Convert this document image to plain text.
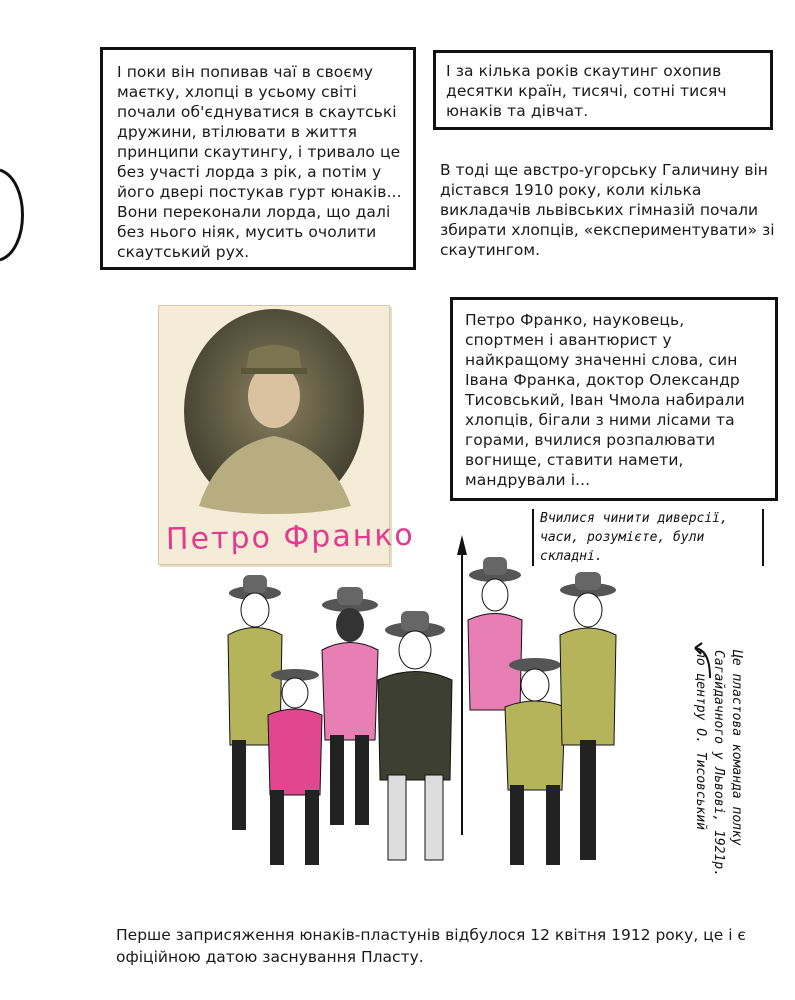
І поки він попивав чаї в своєму маєтку, хлопці в усьому світі почали об'єднуватися в скаутські дружини, втілювати в життя принципи скаутингу, і тривало це без участі лорда з рік, а потім у його двері постукав гурт юнаків... Вони переконали лорда, що далі без нього ніяк, мусить очолити скаутський рух.
І за кілька років скаутинг охопив десятки країн, тисячі, сотні тисяч юнаків та дівчат.
В тоді ще австро-угорську Галичину він дістався 1910 року, коли кілька викладачів львівських гімназій почали збирати хлопців, «експериментувати» зі скаутингом.
Петро Франко, науковець, спортмен і авантюрист у найкращому значенні слова, син Івана Франка, доктор Олександр Тисовський, Іван Чмола набирали хлопців, бігали з ними лісами та горами, вчилися розпалювати вогнище, ставити намети, мандрували і...
Петро Франко	Вчилися чинити диверсії, часи, розумієте, були складні.
Це пластова команда полку Сагайдачного у Львові, 1921р. по центру О. Тисовський
Перше заприсяження юнаків-пластунів відбулося 12 квітня 1912 року, це і є офіційною датою заснування Пласту.
